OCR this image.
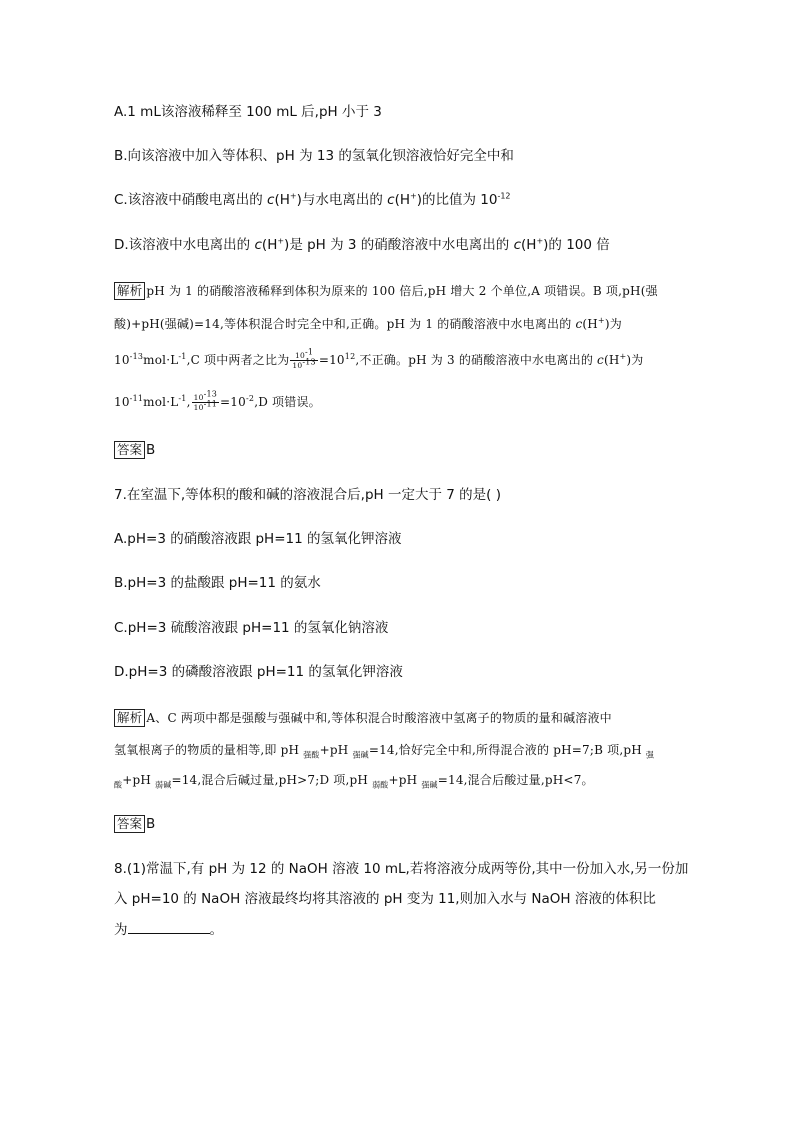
A.1 mL该溶液稀释至 100 mL 后,pH 小于 3
B.向该溶液中加入等体积、pH 为 13 的氢氧化钡溶液恰好完全中和
C.该溶液中硝酸电离出的 c(H+)与水电离出的 c(H+)的比值为 $10^{-12}$
D.该溶液中水电离出的 c(H+)是 pH 为 3 的硝酸溶液中水电离出的 c(H+)的 100 倍
解析 pH 为 1 的硝酸溶液稀释到体积为原来的 100 倍后,pH 增大 2 个单位,A 项错误。B 项,pH(强
酸)+pH(强碱)=14,等体积混合时完全中和,正确。pH 为 1 的硝酸溶液中水电离出的 c(H+)为
$10^{-13}mol\cdot L^{-1},C$ 项中两者之比为 $\frac{10^{-1}}{10^{-13}} =10^{12}$,不正确。pH 为 3 的硝酸溶液中水电离出的 c(H+)为
$10^{-11}mol\cdot L^{-1}$, $\frac{10^{-13}}{10^{-11}} =10^{-2},D$ 项错误。
答案 B
7.在室温下,等体积的酸和碱的溶液混合后,pH 一定大于 7 的是( )
A.pH=3 的硝酸溶液跟 pH=11 的氢氧化钾溶液
B.pH=3 的盐酸跟 pH=11 的氨水
C.pH=3 硫酸溶液跟 pH=11 的氢氧化钠溶液
D.pH=3 的磷酸溶液跟 pH=11 的氢氧化钾溶液
解析 A、C 两项中都是强酸与强碱中和,等体积混合时酸溶液中氢离子的物质的量和碱溶液中
氢氧根离子的物质的量相等,即 pH $_{强酸}$+pH $_{强碱}$=14,恰好完全中和,所得混合液的 pH=7;B 项,pH $_强$
$_酸$+pH $_{弱碱}$=14,混合后碱过量,pH>7;D 项,pH $_{弱酸}$+pH $_{强碱}$=14,混合后酸过量,pH<7。
答案 B
8.(1)常温下,有 pH 为 12 的 NaOH 溶液 10 mL,若将溶液分成两等份,其中一份加入水,另一份加
入 pH=10 的 NaOH 溶液最终均将其溶液的 pH 变为 11,则加入水与 NaOH 溶液的体积比
为	。
